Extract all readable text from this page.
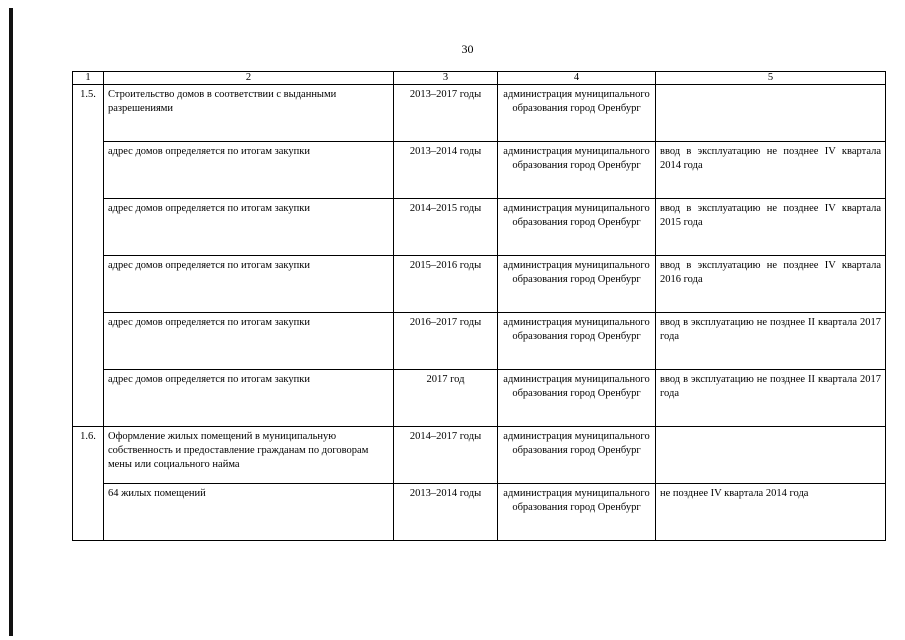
30
1	2	3	4	5
1.5.	Строительство домов в соответствии с выданными разрешениями	2013–2017 годы	администрация муниципального образования город Оренбург	
	адрес домов определяется по итогам закупки	2013–2014 годы	администрация муниципального образования город Оренбург	ввод в эксплуатацию не позднее IV квартала 2014 года
	адрес домов определяется по итогам закупки	2014–2015 годы	администрация муниципального образования город Оренбург	ввод в эксплуатацию не позднее IV квартала 2015 года
	адрес домов определяется по итогам закупки	2015–2016 годы	администрация муниципального образования город Оренбург	ввод в эксплуатацию не позднее IV квартала 2016 года
	адрес домов определяется по итогам закупки	2016–2017 годы	администрация муниципального образования город Оренбург	ввод в эксплуатацию не позднее II квартала 2017 года
	адрес домов определяется по итогам закупки	2017 год	администрация муниципального образования город Оренбург	ввод в эксплуатацию не позднее II квартала 2017 года
1.6.	Оформление жилых помещений в муниципальную собственность и предоставление гражданам по договорам мены или социального найма	2014–2017 годы	администрация муниципального образования город Оренбург	
	64 жилых помещений	2013–2014 годы	администрация муниципального образования город Оренбург	не позднее IV квартала 2014 года
